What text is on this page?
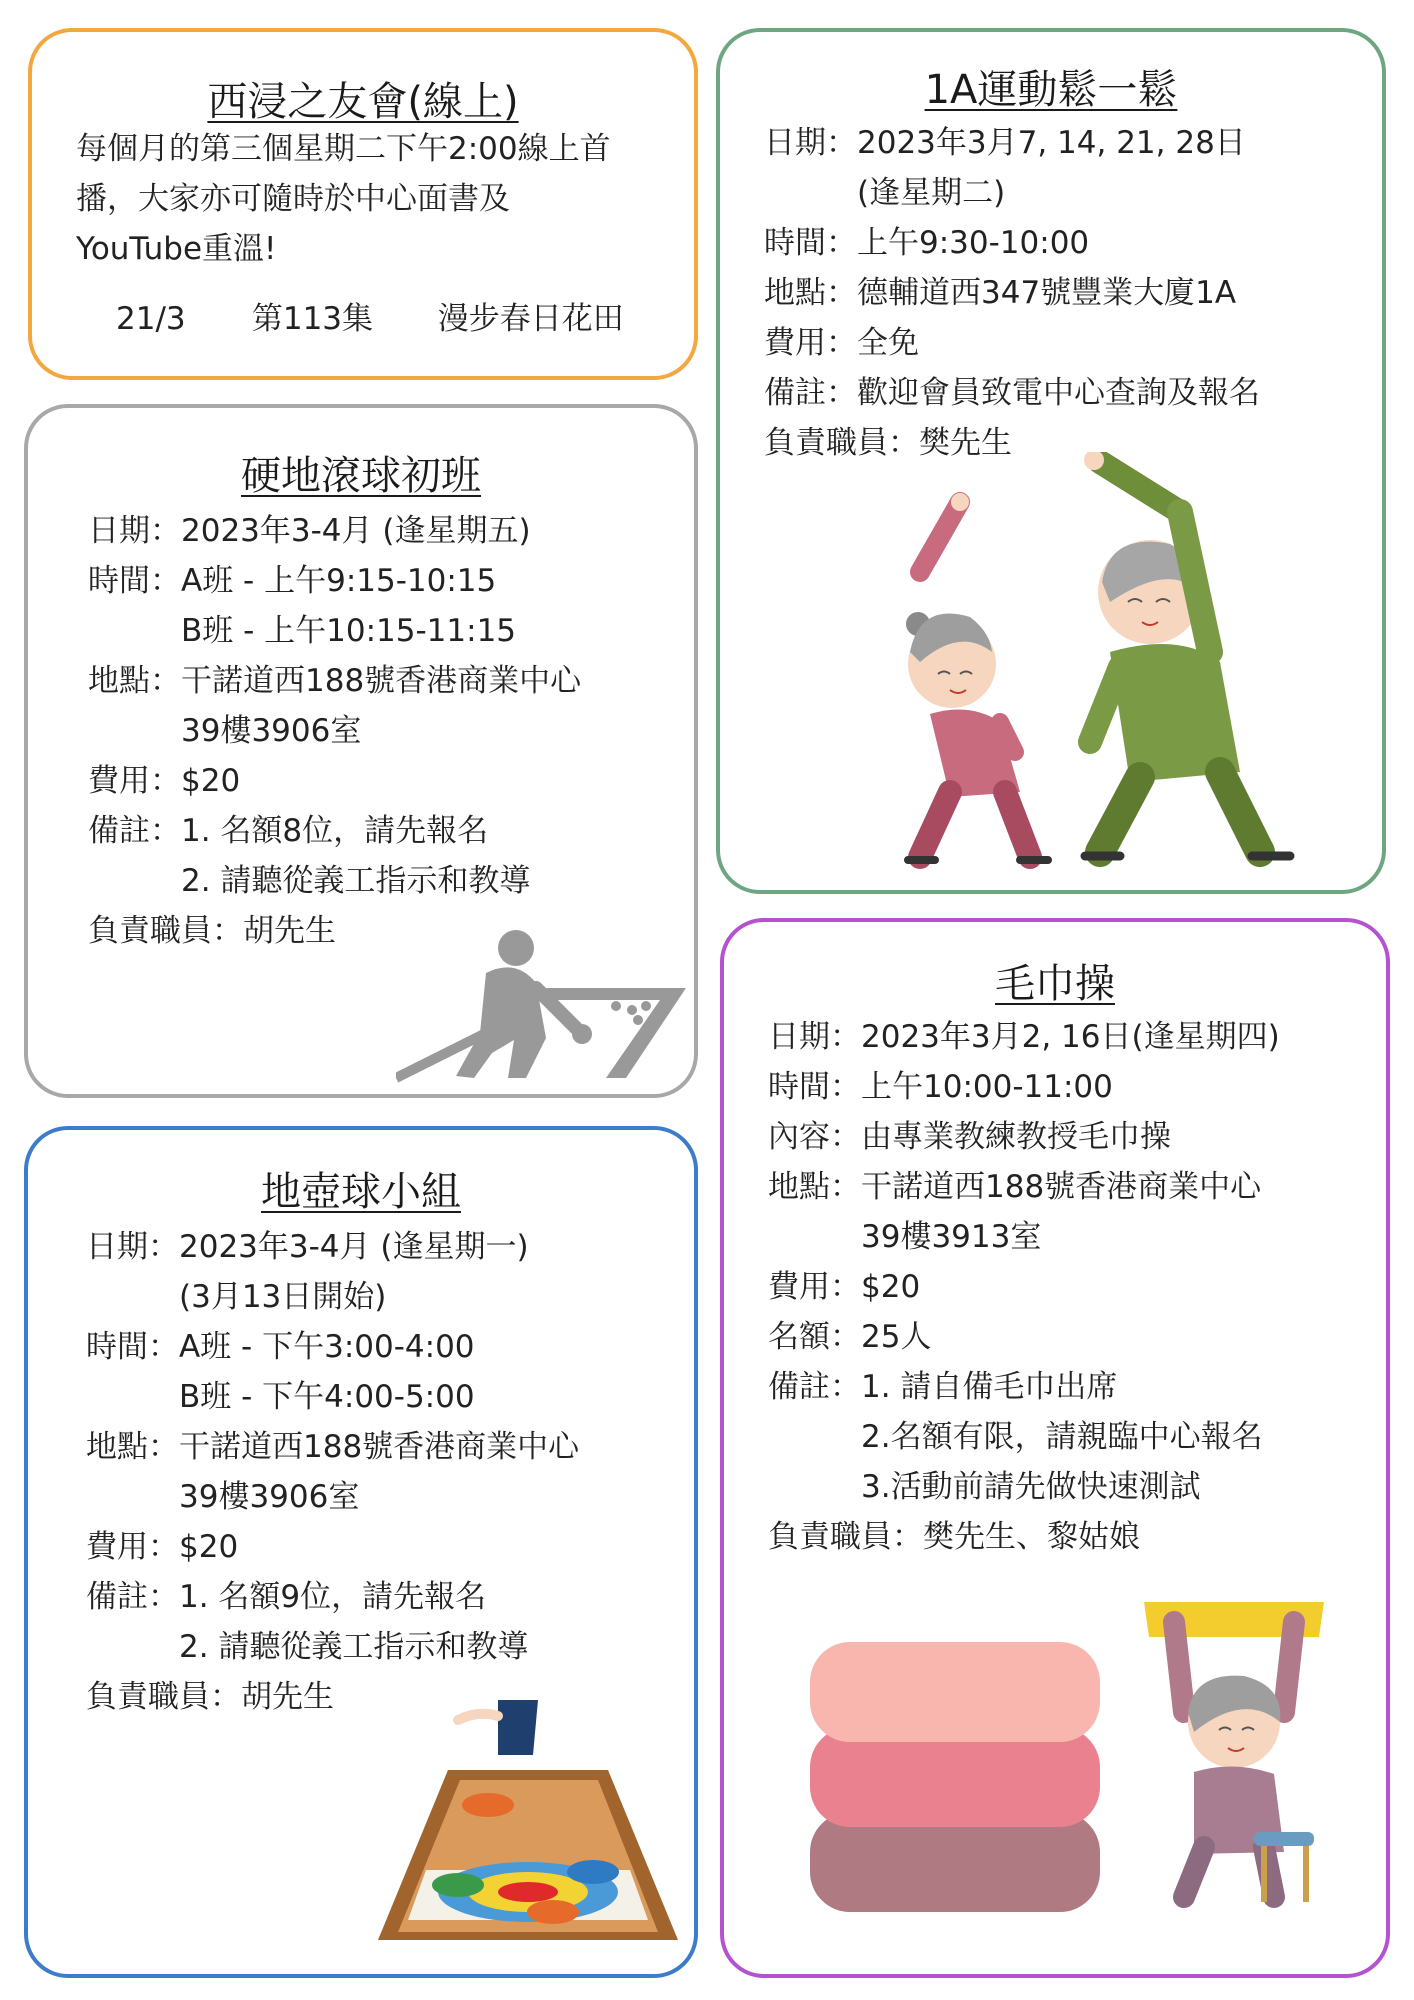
西浸之友會(線上)
每個月的第三個星期二下午2:00線上首
播，大家亦可隨時於中心面書及
YouTube重溫!
21/3 第113集 漫步春日花田
1A運動鬆一鬆
日期： 2023年3月7, 14, 21, 28日
(逢星期二)
時間： 上午9:30-10:00
地點： 德輔道西347號豐業大廈1A
費用： 全免
備註： 歡迎會員致電中心查詢及報名
負責職員： 樊先生
硬地滾球初班
日期： 2023年3-4月 (逢星期五)
時間： A班 - 上午9:15-10:15
B班 - 上午10:15-11:15
地點： 干諾道西188號香港商業中心
39樓3906室
費用： $20
備註： 1. 名額8位，請先報名
2. 請聽從義工指示和教導
負責職員： 胡先生
毛巾操
日期： 2023年3月2, 16日(逢星期四)
時間： 上午10:00-11:00
內容： 由專業教練教授毛巾操
地點： 干諾道西188號香港商業中心
39樓3913室
費用： $20
名額： 25人
備註： 1. 請自備毛巾出席
2.名額有限，請親臨中心報名
3.活動前請先做快速測試
負責職員： 樊先生、黎姑娘
地壺球小組
日期： 2023年3-4月 (逢星期一)
(3月13日開始)
時間： A班 - 下午3:00-4:00
B班 - 下午4:00-5:00
地點： 干諾道西188號香港商業中心
39樓3906室
費用： $20
備註： 1. 名額9位，請先報名
2. 請聽從義工指示和教導
負責職員： 胡先生
